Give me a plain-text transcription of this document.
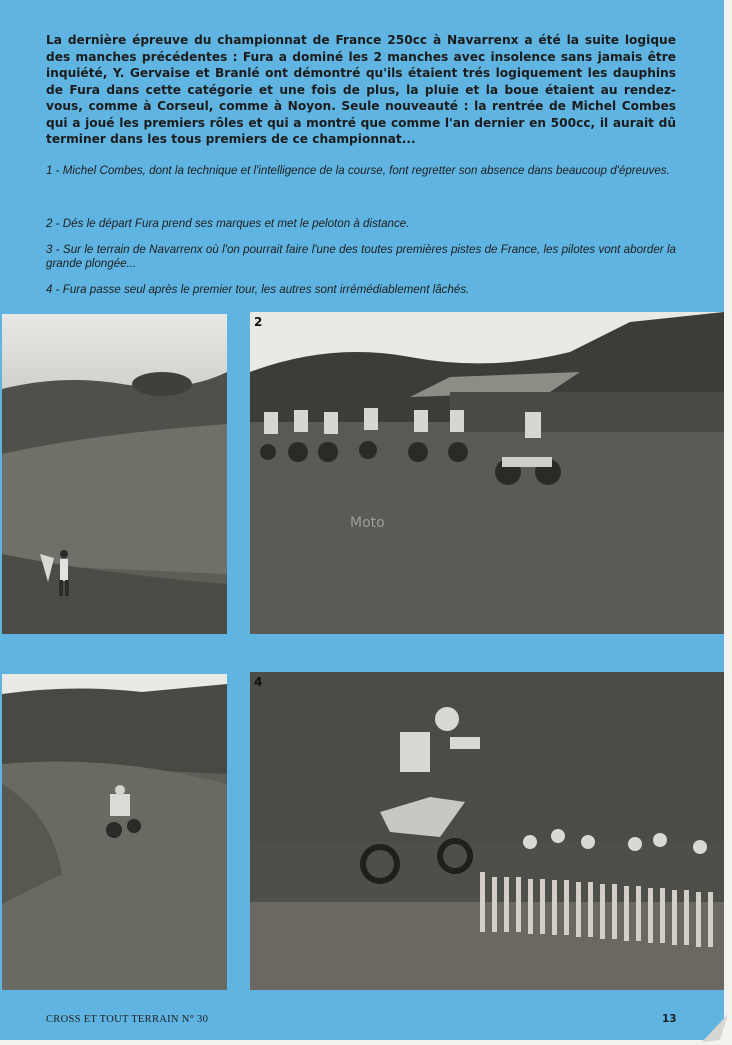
La dernière épreuve du championnat de France 250cc à Navarrenx a été la suite logique des manches précédentes : Fura a dominé les 2 manches avec insolence sans jamais être inquiété, Y. Gervaise et Branlé ont démontré qu'ils étaient trés logiquement les dauphins de Fura dans cette catégorie et une fois de plus, la pluie et la boue étaient au rendez-vous, comme à Corseul, comme à Noyon. Seule nouveauté : la rentrée de Michel Combes qui a joué les premiers rôles et qui a montré que comme l'an dernier en 500cc, il aurait dû terminer dans les tous premiers de ce championnat...

1 - Michel Combes, dont la technique et l'intelligence de la course, font regretter son absence dans beaucoup d'épreuves.

2 - Dés le départ Fura prend ses marques et met le peloton à distance.

3 - Sur le terrain de Navarrenx où l'on pourrait faire l'une des toutes premières pistes de France, les pilotes vont aborder la grande plongée...

4 - Fura passe seul après le premier tour, les autres sont irrémédiablement lâchés.

Moto
2
4
CROSS ET TOUT TERRAIN N° 30	13
